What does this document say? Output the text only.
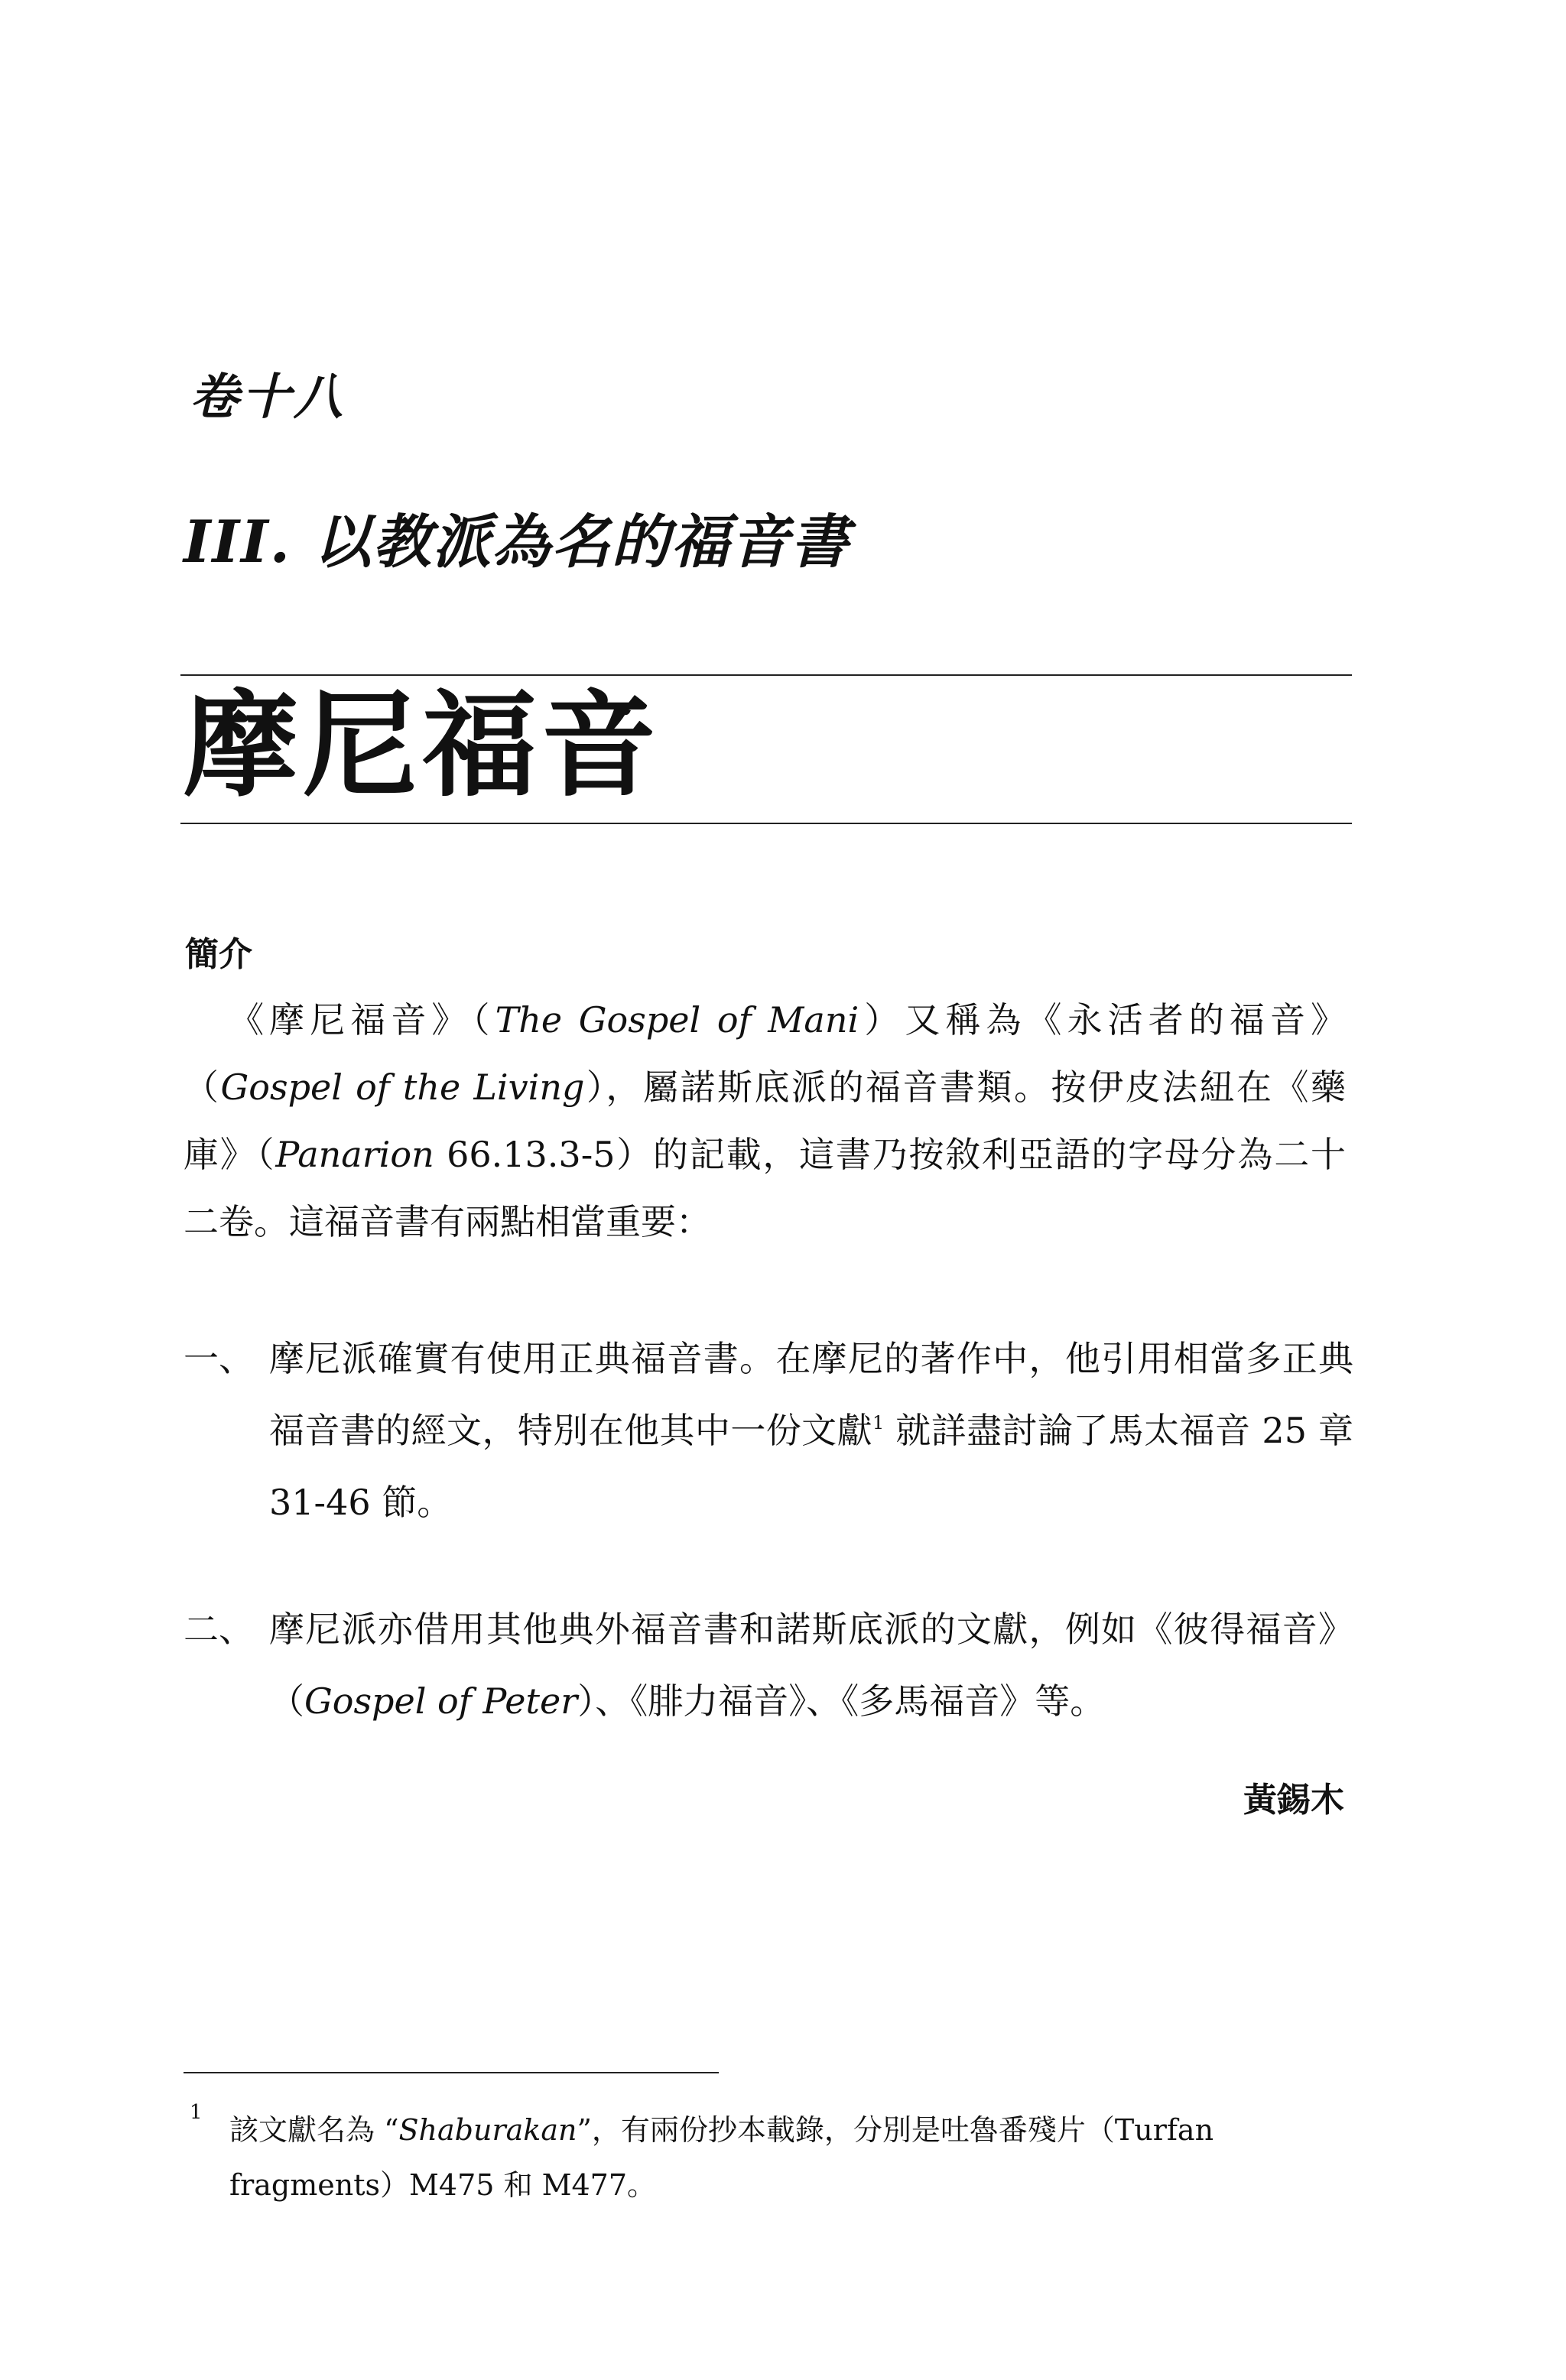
卷十八
III. 以教派為名的福音書
摩尼福音
簡介
《摩尼福音》（The Gospel of Mani）又稱為《永活者的福音》（Gospel of the Living），屬諾斯底派的福音書類。按伊皮法紐在《藥庫》（Panarion 66.13.3-5）的記載，這書乃按敘利亞語的字母分為二十二卷。這福音書有兩點相當重要：
一、 摩尼派確實有使用正典福音書。在摩尼的著作中，他引用相當多正典福音書的經文，特別在他其中一份文獻$^1$ 就詳盡討論了馬太福音 25 章 31-46 節。
二、 摩尼派亦借用其他典外福音書和諾斯底派的文獻，例如《彼得福音》（Gospel of Peter）、《腓力福音》、《多馬福音》等。
黃錫木
1
該文獻名為 “Shaburakan”，有兩份抄本載錄，分別是吐魯番殘片（Turfan fragments）M475 和 M477。
